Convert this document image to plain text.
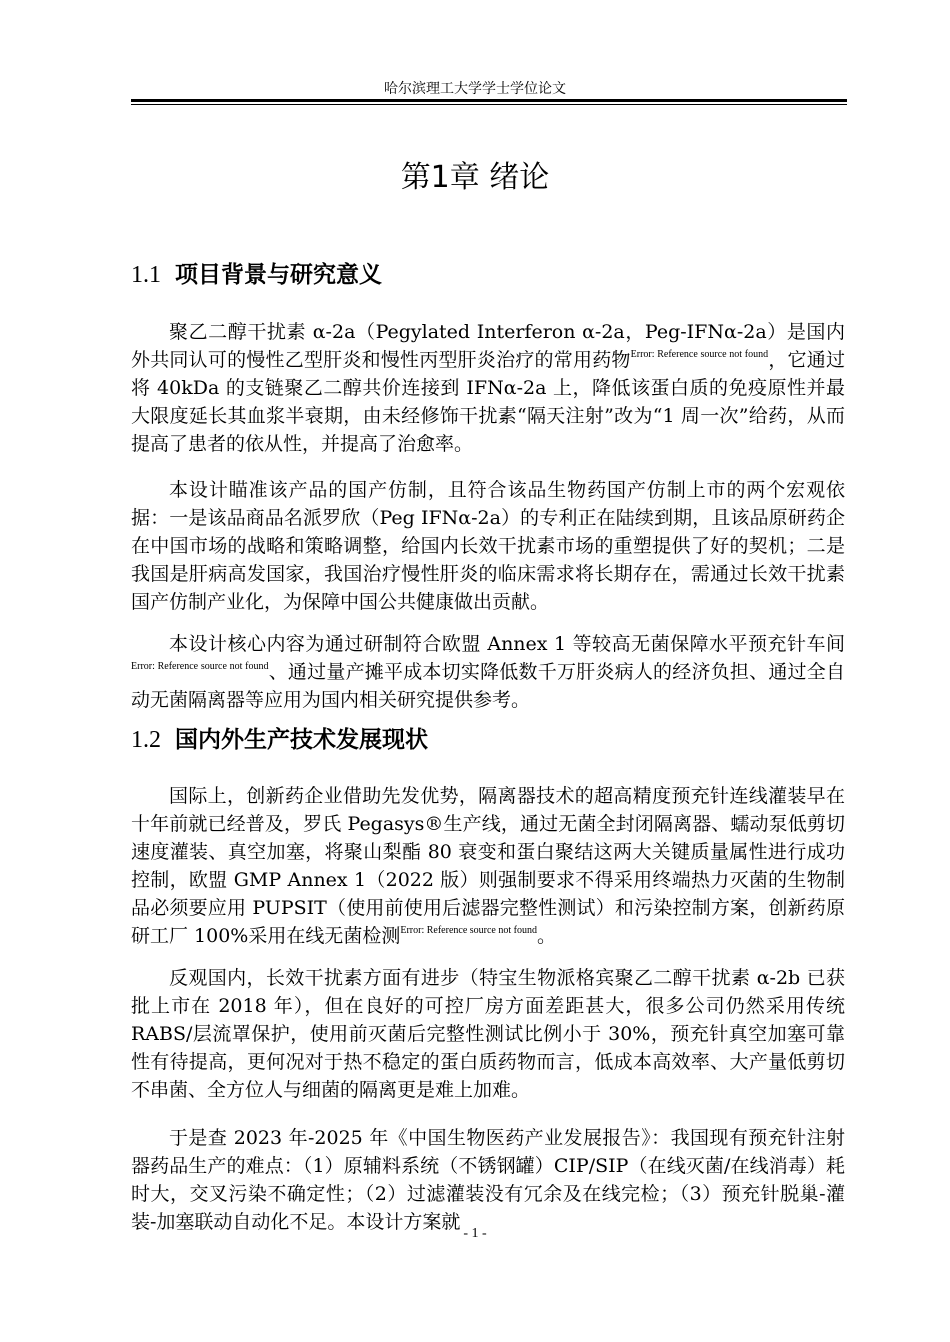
哈尔滨理工大学学士学位论文
第1章 绪论
1.1 项目背景与研究意义

聚乙二醇干扰素 α-2a（Pegylated Interferon α-2a，Peg-IFNα-2a）是国内外共同认可的慢性乙型肝炎和慢性丙型肝炎治疗的常用药物$^{Error: Reference source not found}$，它通过将 40kDa 的支链聚乙二醇共价连接到 IFNα-2a 上，降低该蛋白质的免疫原性并最大限度延长其血浆半衰期，由未经修饰干扰素“隔天注射”改为“1 周一次”给药，从而提高了患者的依从性，并提高了治愈率。

本设计瞄准该产品的国产仿制，且符合该品生物药国产仿制上市的两个宏观依据：一是该品商品名派罗欣（Peg IFNα-2a）的专利正在陆续到期，且该品原研药企在中国市场的战略和策略调整，给国内长效干扰素市场的重塑提供了好的契机；二是我国是肝病高发国家，我国治疗慢性肝炎的临床需求将长期存在，需通过长效干扰素国产仿制产业化，为保障中国公共健康做出贡献。

本设计核心内容为通过研制符合欧盟 Annex 1 等较高无菌保障水平预充针车间$^{Error: Reference source not found}$、通过量产摊平成本切实降低数千万肝炎病人的经济负担、通过全自动无菌隔离器等应用为国内相关研究提供参考。

1.2 国内外生产技术发展现状

国际上，创新药企业借助先发优势，隔离器技术的超高精度预充针连线灌装早在十年前就已经普及，罗氏 Pegasys®生产线，通过无菌全封闭隔离器、蠕动泵低剪切速度灌装、真空加塞，将聚山梨酯 80 衰变和蛋白聚结这两大关键质量属性进行成功控制，欧盟 GMP Annex 1（2022 版）则强制要求不得采用终端热力灭菌的生物制品必须要应用 PUPSIT（使用前使用后滤器完整性测试）和污染控制方案，创新药原研工厂 100%采用在线无菌检测$^{Error: Reference source not found}$。

反观国内，长效干扰素方面有进步（特宝生物派格宾聚乙二醇干扰素 α-2b 已获批上市在 2018 年），但在良好的可控厂房方面差距甚大，很多公司仍然采用传统 RABS/层流罩保护，使用前灭菌后完整性测试比例小于 30%，预充针真空加塞可靠性有待提高，更何况对于热不稳定的蛋白质药物而言，低成本高效率、大产量低剪切不串菌、全方位人与细菌的隔离更是难上加难。

于是查 2023 年-2025 年《中国生物医药产业发展报告》：我国现有预充针注射器药品生产的难点：（1）原辅料系统（不锈钢罐）CIP/SIP（在线灭菌/在线消毒）耗时大，交叉污染不确定性；（2）过滤灌装没有冗余及在线完检；（3）预充针脱巢-灌装-加塞联动自动化不足。本设计方案就

- 1 -
